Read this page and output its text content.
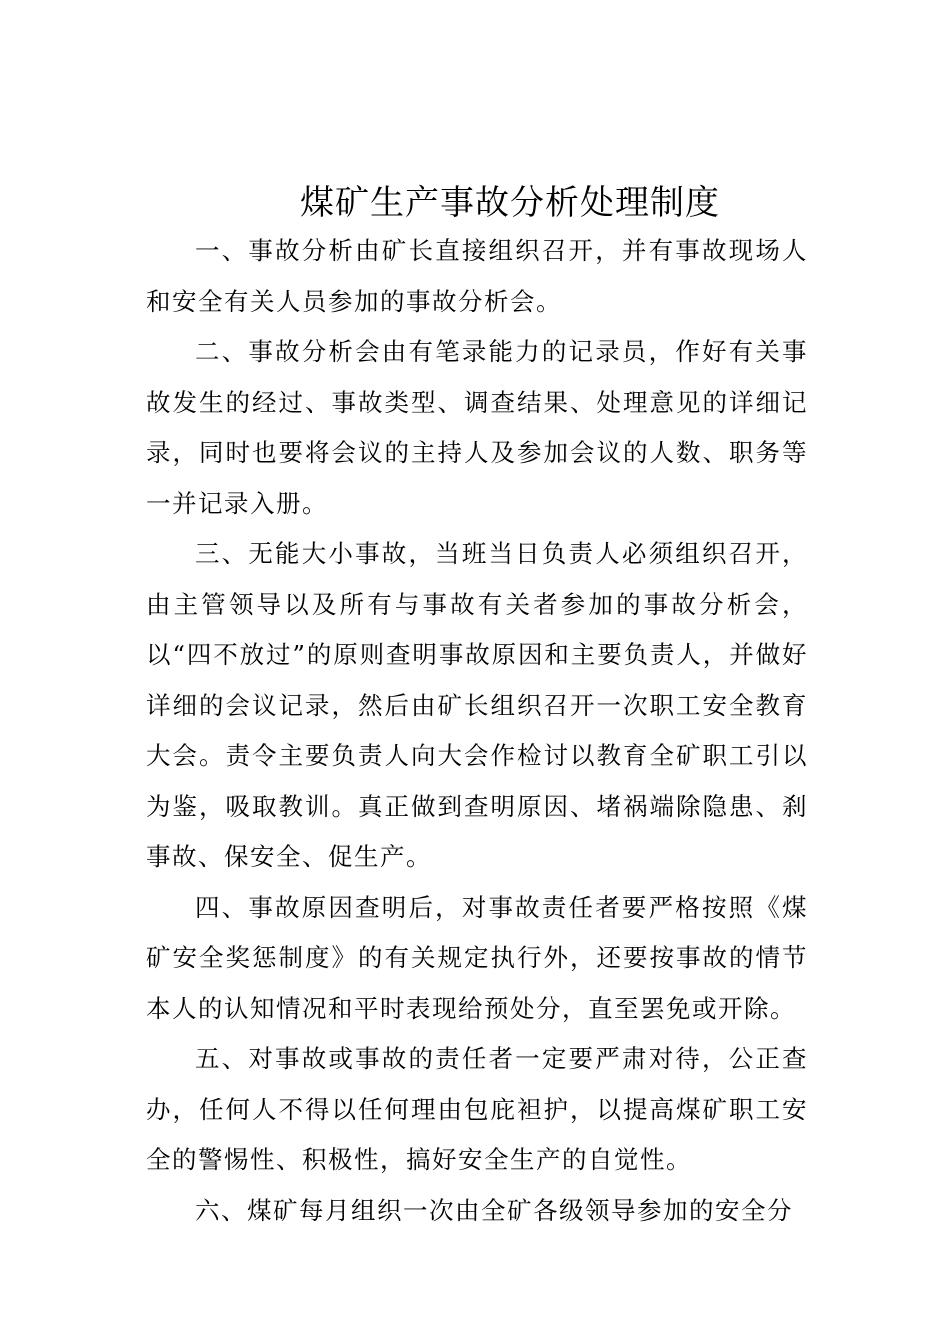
煤矿生产事故分析处理制度

一、事故分析由矿长直接组织召开，并有事故现场人和安全有关人员参加的事故分析会。

二、事故分析会由有笔录能力的记录员，作好有关事故发生的经过、事故类型、调查结果、处理意见的详细记录，同时也要将会议的主持人及参加会议的人数、职务等一并记录入册。

三、无能大小事故，当班当日负责人必须组织召开，由主管领导以及所有与事故有关者参加的事故分析会，以“四不放过”的原则查明事故原因和主要负责人，并做好详细的会议记录，然后由矿长组织召开一次职工安全教育大会。责令主要负责人向大会作检讨以教育全矿职工引以为鉴，吸取教训。真正做到查明原因、堵祸端除隐患、刹事故、保安全、促生产。

四、事故原因查明后，对事故责任者要严格按照《煤矿安全奖惩制度》的有关规定执行外，还要按事故的情节本人的认知情况和平时表现给预处分，直至罢免或开除。

五、对事故或事故的责任者一定要严肃对待，公正查办，任何人不得以任何理由包庇袒护，以提高煤矿职工安全的警惕性、积极性，搞好安全生产的自觉性。

六、煤矿每月组织一次由全矿各级领导参加的安全分
